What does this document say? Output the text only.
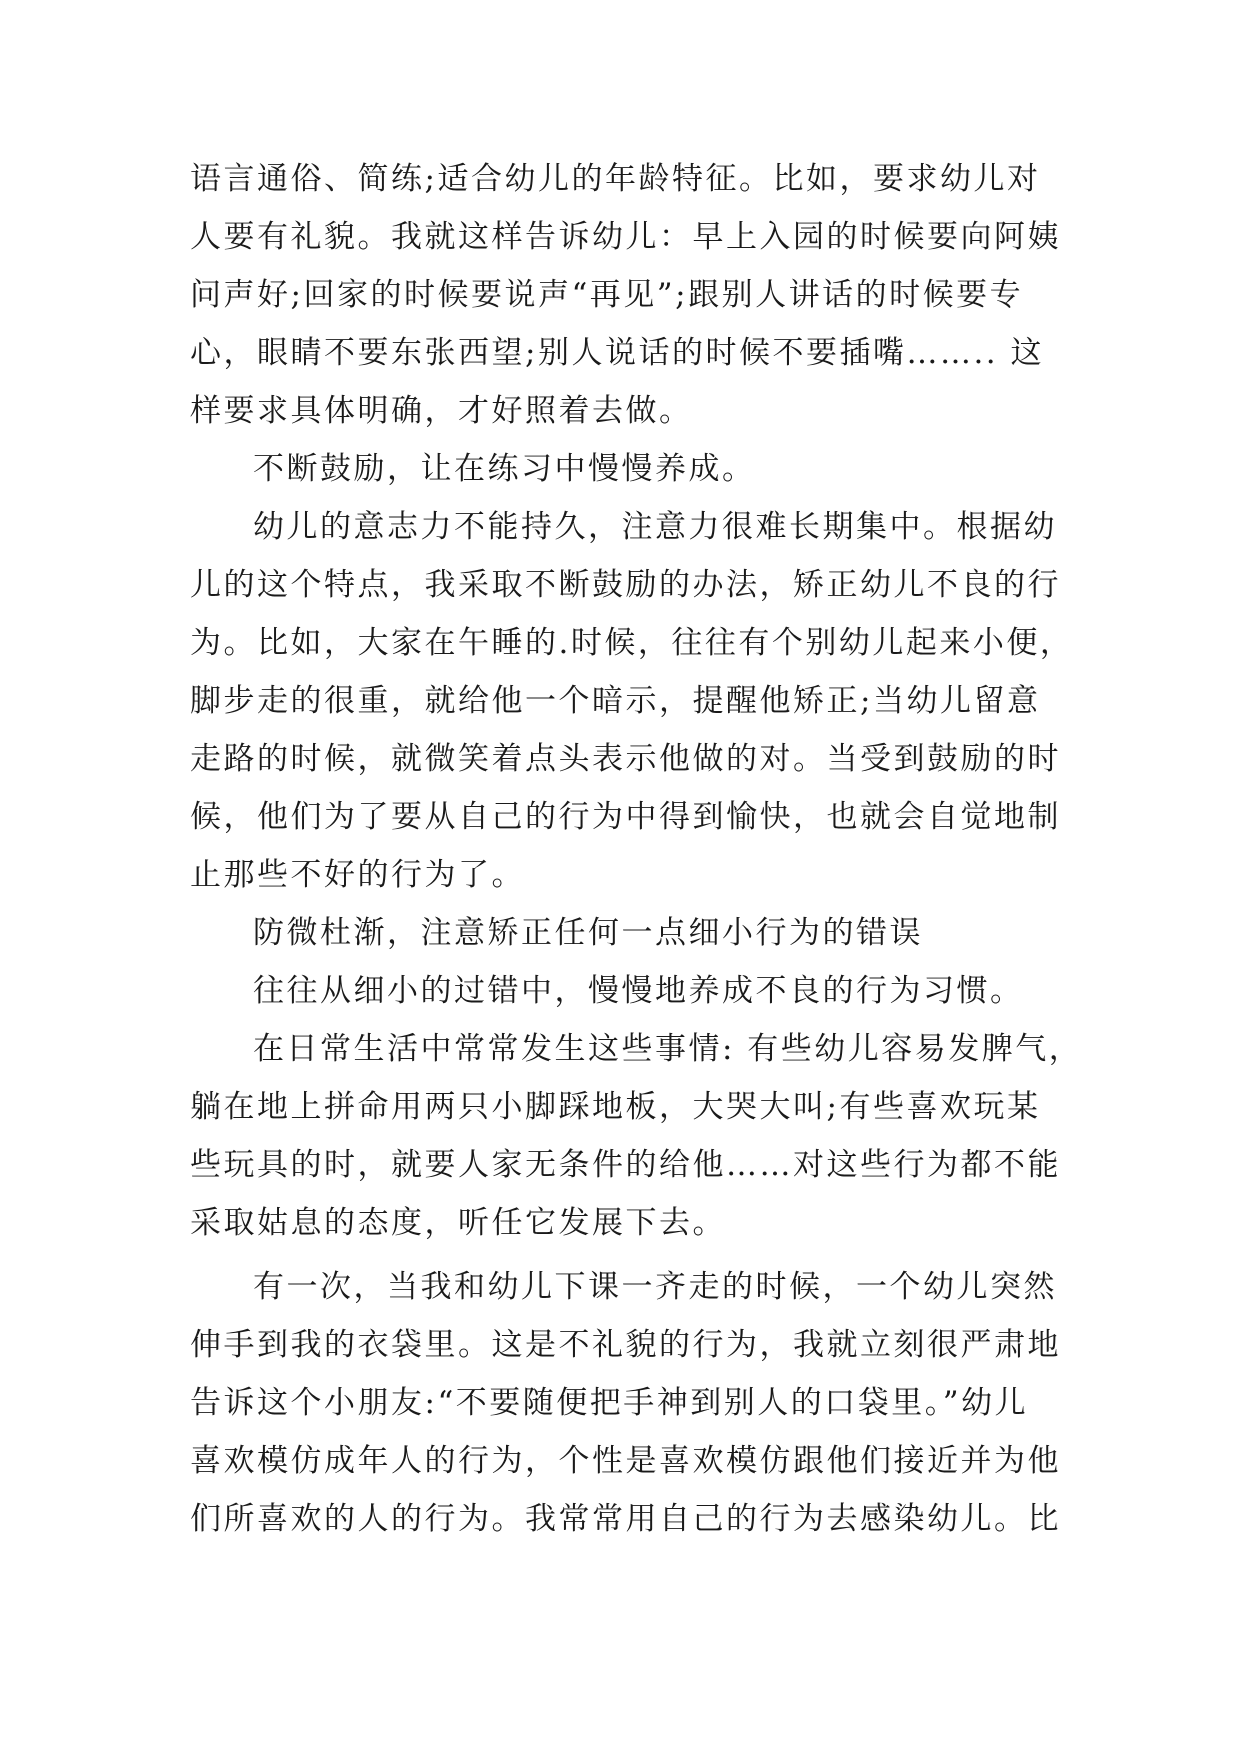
语言通俗、简练;适合幼儿的年龄特征。比如，要求幼儿对
人要有礼貌。我就这样告诉幼儿：早上入园的时候要向阿姨
问声好;回家的时候要说声“再见”;跟别人讲话的时候要专
心，眼睛不要东张西望;别人说话的时候不要插嘴…….. 这
样要求具体明确，才好照着去做。
不断鼓励，让在练习中慢慢养成。
幼儿的意志力不能持久，注意力很难长期集中。根据幼
儿的这个特点，我采取不断鼓励的办法，矫正幼儿不良的行
为。比如，大家在午睡的.时候，往往有个别幼儿起来小便，
脚步走的很重，就给他一个暗示，提醒他矫正;当幼儿留意
走路的时候，就微笑着点头表示他做的对。当受到鼓励的时
候，他们为了要从自己的行为中得到愉快，也就会自觉地制
止那些不好的行为了。
防微杜渐，注意矫正任何一点细小行为的错误
往往从细小的过错中，慢慢地养成不良的行为习惯。
在日常生活中常常发生这些事情: 有些幼儿容易发脾气，
躺在地上拼命用两只小脚踩地板，大哭大叫;有些喜欢玩某
些玩具的时，就要人家无条件的给他……对这些行为都不能
采取姑息的态度，听任它发展下去。
有一次，当我和幼儿下课一齐走的时候，一个幼儿突然
伸手到我的衣袋里。这是不礼貌的行为，我就立刻很严肃地
告诉这个小朋友:“不要随便把手神到别人的口袋里。”幼儿
喜欢模仿成年人的行为，个性是喜欢模仿跟他们接近并为他
们所喜欢的人的行为。我常常用自己的行为去感染幼儿。比
